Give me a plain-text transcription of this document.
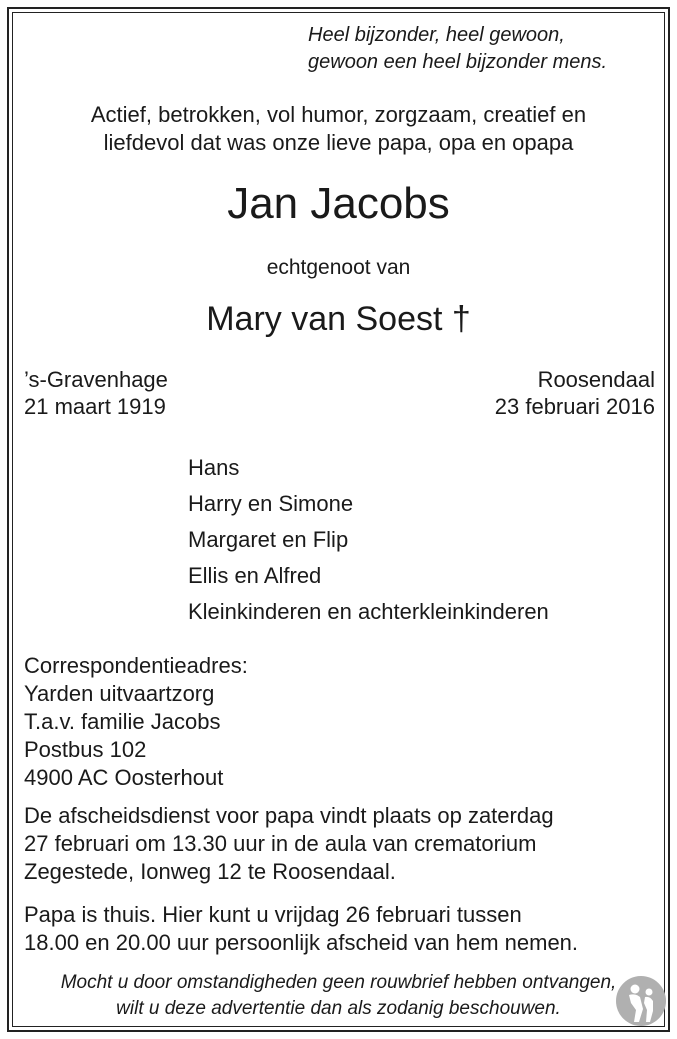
Heel bijzonder, heel gewoon,
gewoon een heel bijzonder mens.
Actief, betrokken, vol humor, zorgzaam, creatief en
liefdevol dat was onze lieve papa, opa en opapa
Jan Jacobs
echtgenoot van
Mary van Soest †
’s-Gravenhage
21 maart 1919
Roosendaal
23 februari 2016
Hans
Harry en Simone
Margaret en Flip
Ellis en Alfred
Kleinkinderen en achterkleinkinderen
Correspondentieadres:
Yarden uitvaartzorg
T.a.v. familie Jacobs
Postbus 102
4900 AC Oosterhout
De afscheidsdienst voor papa vindt plaats op zaterdag
27 februari om 13.30 uur in de aula van crematorium
Zegestede, Ionweg 12 te Roosendaal.
Papa is thuis. Hier kunt u vrijdag 26 februari tussen
18.00 en 20.00 uur persoonlijk afscheid van hem nemen.
Mocht u door omstandigheden geen rouwbrief hebben ontvangen,
wilt u deze advertentie dan als zodanig beschouwen.
